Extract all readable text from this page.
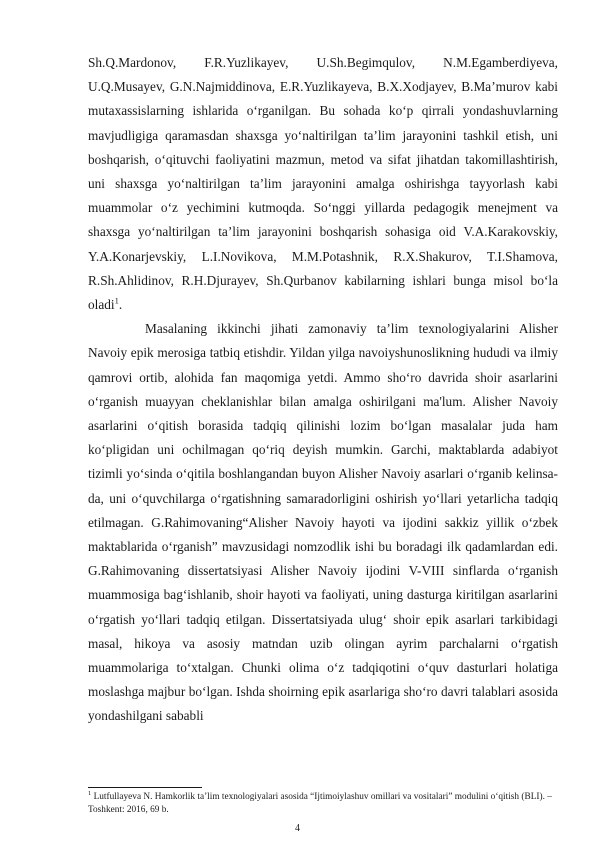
Sh.Q.Mardonov, F.R.Yuzlikayev, U.Sh.Begimqulov, N.M.Egamberdiyeva, U.Q.Musayev, G.N.Najmiddinova, E.R.Yuzlikayeva, B.X.Xodjayev, B.Ma’murov kabi mutaxassislarning ishlarida o‘rganilgan. Bu sohada ko‘p qirrali yondashuvlarning mavjudligiga qaramasdan shaxsga yo‘naltirilgan ta’lim jarayonini tashkil etish, uni boshqarish, o‘qituvchi faoliyatini mazmun, metod va sifat jihatdan takomillashtirish, uni shaxsga yo‘naltirilgan ta’lim jarayonini amalga oshirishga tayyorlash kabi muammolar o‘z yechimini kutmoqda. So‘nggi yillarda pedagogik menejment va shaxsga yo‘naltirilgan ta’lim jarayonini boshqarish sohasiga oid V.A.Karakovskiy, Y.A.Konarjevskiy, L.I.Novikova, M.M.Potashnik, R.X.Shakurov, T.I.Shamova, R.Sh.Ahlidinov, R.H.Djurayev, Sh.Qurbanov kabilarning ishlari bunga misol bo‘la oladi$^1$.

Masalaning ikkinchi jihati zamonaviy ta’lim texnologiyalarini Alisher Navoiy epik merosiga tatbiq etishdir. Yildan yilga navoiyshunoslikning hududi va ilmiy qamrovi ortib, alohida fan maqomiga yetdi. Ammo sho‘ro davrida shoir asarlarini o‘rganish muayyan cheklanishlar bilan amalga oshirilgani ma'lum. Alisher Navoiy asarlarini o‘qitish borasida tadqiq qilinishi lozim bo‘lgan masalalar juda ham ko‘pligidan uni ochilmagan qo‘riq deyish mumkin. Garchi, maktablarda adabiyot tizimli yo‘sinda o‘qitila boshlangandan buyon Alisher Navoiy asarlari o‘rganib kelinsa-da, uni o‘quvchilarga o‘rgatishning samaradorligini oshirish yo‘llari yetarlicha tadqiq etilmagan. G.Rahimovaning“Alisher Navoiy hayoti va ijodini sakkiz yillik o‘zbek maktablarida o‘rganish” mavzusidagi nomzodlik ishi bu boradagi ilk qadamlardan edi. G.Rahimovaning dissertatsiyasi Alisher Navoiy ijodini V-VIII sinflarda o‘rganish muammosiga bag‘ishlanib, shoir hayoti va faoliyati, uning dasturga kiritilgan asarlarini o‘rgatish yo‘llari tadqiq etilgan. Dissertatsiyada ulug‘ shoir epik asarlari tarkibidagi masal, hikoya va asosiy matndan uzib olingan ayrim parchalarni o‘rgatish muammolariga to‘xtalgan. Chunki olima o‘z tadqiqotini o‘quv dasturlari holatiga moslashga majbur bo‘lgan. Ishda shoirning epik asarlariga sho‘ro davri talablari asosida yondashilgani sababli

$^1$ Lutfullayeva N. Hamkorlik ta’lim texnologiyalari asosida “Ijtimoiylashuv omillari va vositalari” modulini o‘qitish (BLI). – Toshkent: 2016, 69 b.

4
